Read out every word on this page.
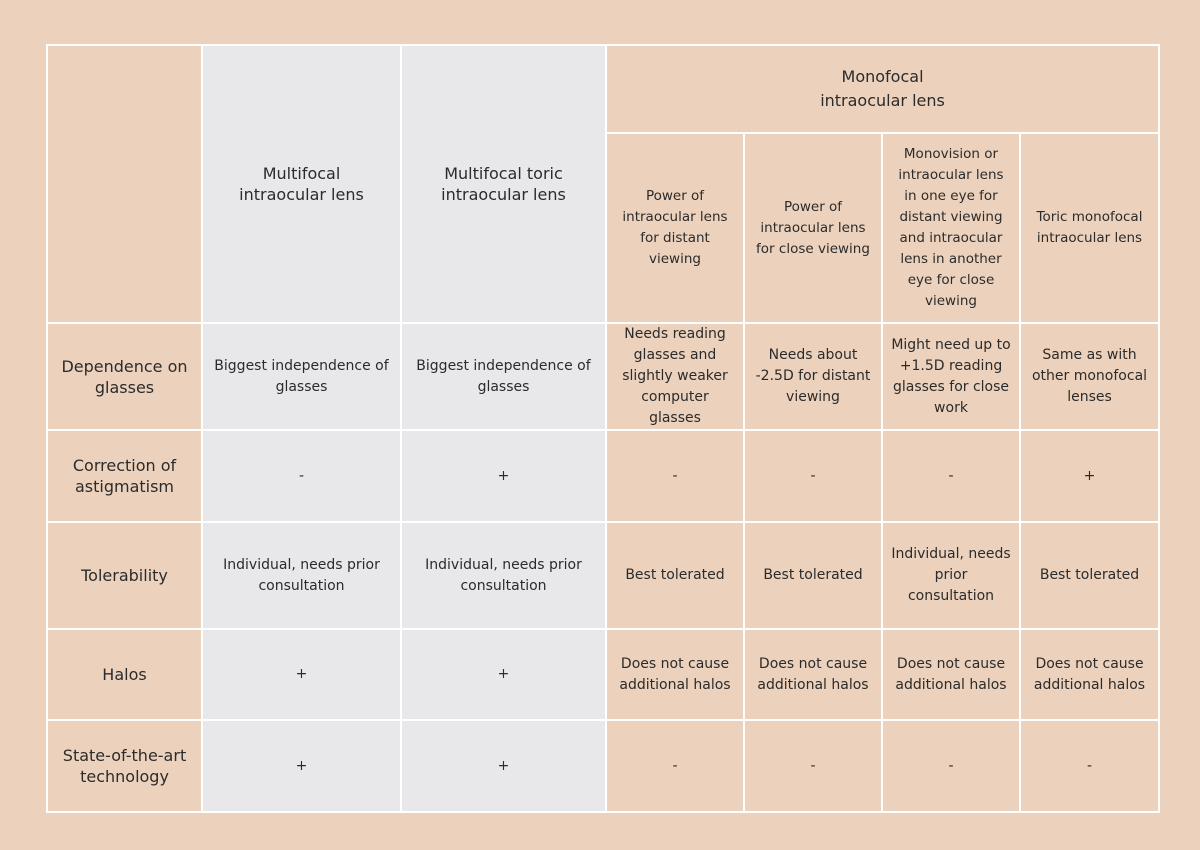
	Multifocal
intraocular lens	Multifocal toric
intraocular lens	Monofocal
intraocular lens			
			Power of intraocular lens for distant viewing	Power of intraocular lens for close viewing	Monovision or intraocular lens in one eye for distant viewing and intraocular lens in another eye for close viewing	Toric monofocal intraocular lens
Dependence on glasses	Biggest independence of glasses	Biggest independence of glasses	Needs reading glasses and slightly weaker computer glasses	Needs about -2.5D for distant viewing	Might need up to +1.5D reading glasses for close work	Same as with other monofocal lenses
Correction of astigmatism	-	+	-	-	-	+
Tolerability	Individual, needs prior consultation	Individual, needs prior consultation	Best tolerated	Best tolerated	Individual, needs prior consultation	Best tolerated
Halos	+	+	Does not cause additional halos	Does not cause additional halos	Does not cause additional halos	Does not cause additional halos
State-of-the-art technology	+	+	-	-	-	-
